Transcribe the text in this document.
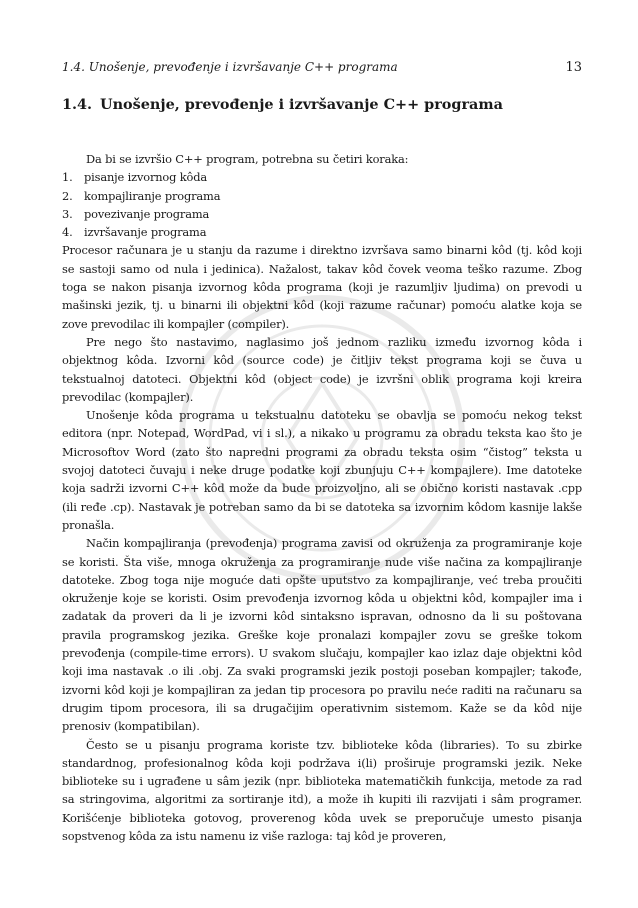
1.4. Unošenje, prevođenje i izvršavanje C++ programa	13
1.4. Unošenje, prevođenje i izvršavanje C++ programa

Da bi se izvršio C++ program, potrebna su četiri koraka:

1.	pisanje izvornog kôda
2.	kompajliranje programa
3.	povezivanje programa
4.	izvršavanje programa

Procesor računara je u stanju da razume i direktno izvršava samo binarni kôd (tj. kôd koji se sastoji samo od nula i jedinica). Nažalost, takav kôd čovek veoma teško razume. Zbog toga se nakon pisanja izvornog kôda programa (koji je razumljiv ljudima) on prevodi u mašinski jezik, tj. u binarni ili objektni kôd (koji razume računar) pomoću alatke koja se zove prevodilac ili kompajler (compiler).

Pre nego što nastavimo, naglasimo još jednom razliku između izvornog kôda i objektnog kôda. Izvorni kôd (source code) je čitljiv tekst programa koji se čuva u tekstualnoj datoteci. Objektni kôd (object code) je izvršni oblik programa koji kreira prevodilac (kompajler).

Unošenje kôda programa u tekstualnu datoteku se obavlja se pomoću nekog tekst editora (npr. Notepad, WordPad, vi i sl.), a nikako u programu za obradu teksta kao što je Microsoftov Word (zato što napredni programi za obradu teksta osim “čistog” teksta u svojoj datoteci čuvaju i neke druge podatke koji zbunjuju C++ kompajlere). Ime datoteke koja sadrži izvorni C++ kôd može da bude proizvoljno, ali se obično koristi nastavak .cpp (ili ređe .cp). Nastavak je potreban samo da bi se datoteka sa izvornim kôdom kasnije lakše pronašla.

Način kompajliranja (prevođenja) programa zavisi od okruženja za programiranje koje se koristi. Šta više, mnoga okruženja za programiranje nude više načina za kompajliranje datoteke. Zbog toga nije moguće dati opšte uputstvo za kompajliranje, već treba proučiti okruženje koje se koristi. Osim prevođenja izvornog kôda u objektni kôd, kompajler ima i zadatak da proveri da li je izvorni kôd sintaksno ispravan, odnosno da li su poštovana pravila programskog jezika. Greške koje pronalazi kompajler zovu se greške tokom prevođenja (compile-time errors). U svakom slučaju, kompajler kao izlaz daje objektni kôd koji ima nastavak .o ili .obj. Za svaki programski jezik postoji poseban kompajler; takođe, izvorni kôd koji je kompajliran za jedan tip procesora po pravilu neće raditi na računaru sa drugim tipom procesora, ili sa drugačijim operativnim sistemom. Kaže se da kôd nije prenosiv (kompatibilan).

Često se u pisanju programa koriste tzv. biblioteke kôda (libraries). To su zbirke standardnog, profesionalnog kôda koji podržava i(li) proširuje programski jezik. Neke biblioteke su i ugrađene u sâm jezik (npr. biblioteka matematičkih funkcija, metode za rad sa stringovima, algoritmi za sortiranje itd), a može ih kupiti ili razvijati i sâm programer. Korišćenje biblioteka gotovog, proverenog kôda uvek se preporučuje umesto pisanja sopstvenog kôda za istu namenu iz više razloga: taj kôd je proveren,
